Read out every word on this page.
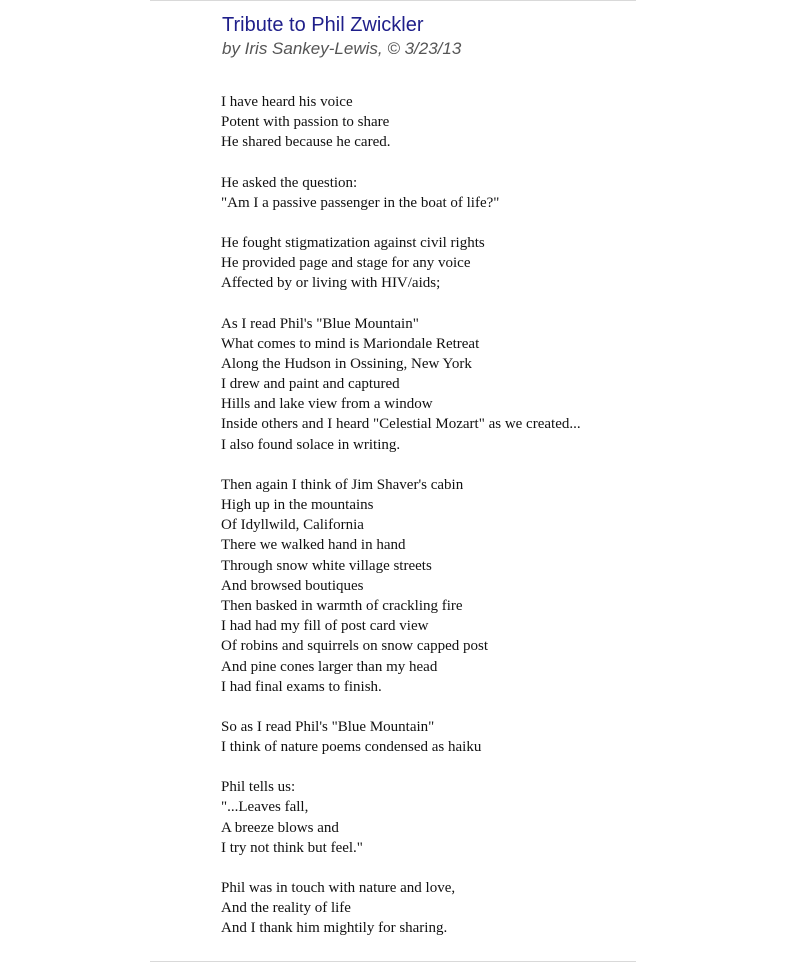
Tribute to Phil Zwickler
by Iris Sankey-Lewis, © 3/23/13
I have heard his voice
Potent with passion to share
He shared because he cared.
He asked the question:
"Am I a passive passenger in the boat of life?"
He fought stigmatization against civil rights
He provided page and stage for any voice
Affected by or living with HIV/aids;
As I read Phil's "Blue Mountain"
What comes to mind is Mariondale Retreat
Along the Hudson in Ossining, New York
I drew and paint and captured
Hills and lake view from a window
Inside others and I heard "Celestial Mozart" as we created...
I also found solace in writing.
Then again I think of Jim Shaver's cabin
High up in the mountains
Of Idyllwild, California
There we walked hand in hand
Through snow white village streets
And browsed boutiques
Then basked in warmth of crackling fire
I had had my fill of post card view
Of robins and squirrels on snow capped post
And pine cones larger than my head
I had final exams to finish.
So as I read Phil's "Blue Mountain"
I think of nature poems condensed as haiku
Phil tells us:
"...Leaves fall,
A breeze blows and
I try not think but feel."
Phil was in touch with nature and love,
And the reality of life
And I thank him mightily for sharing.
